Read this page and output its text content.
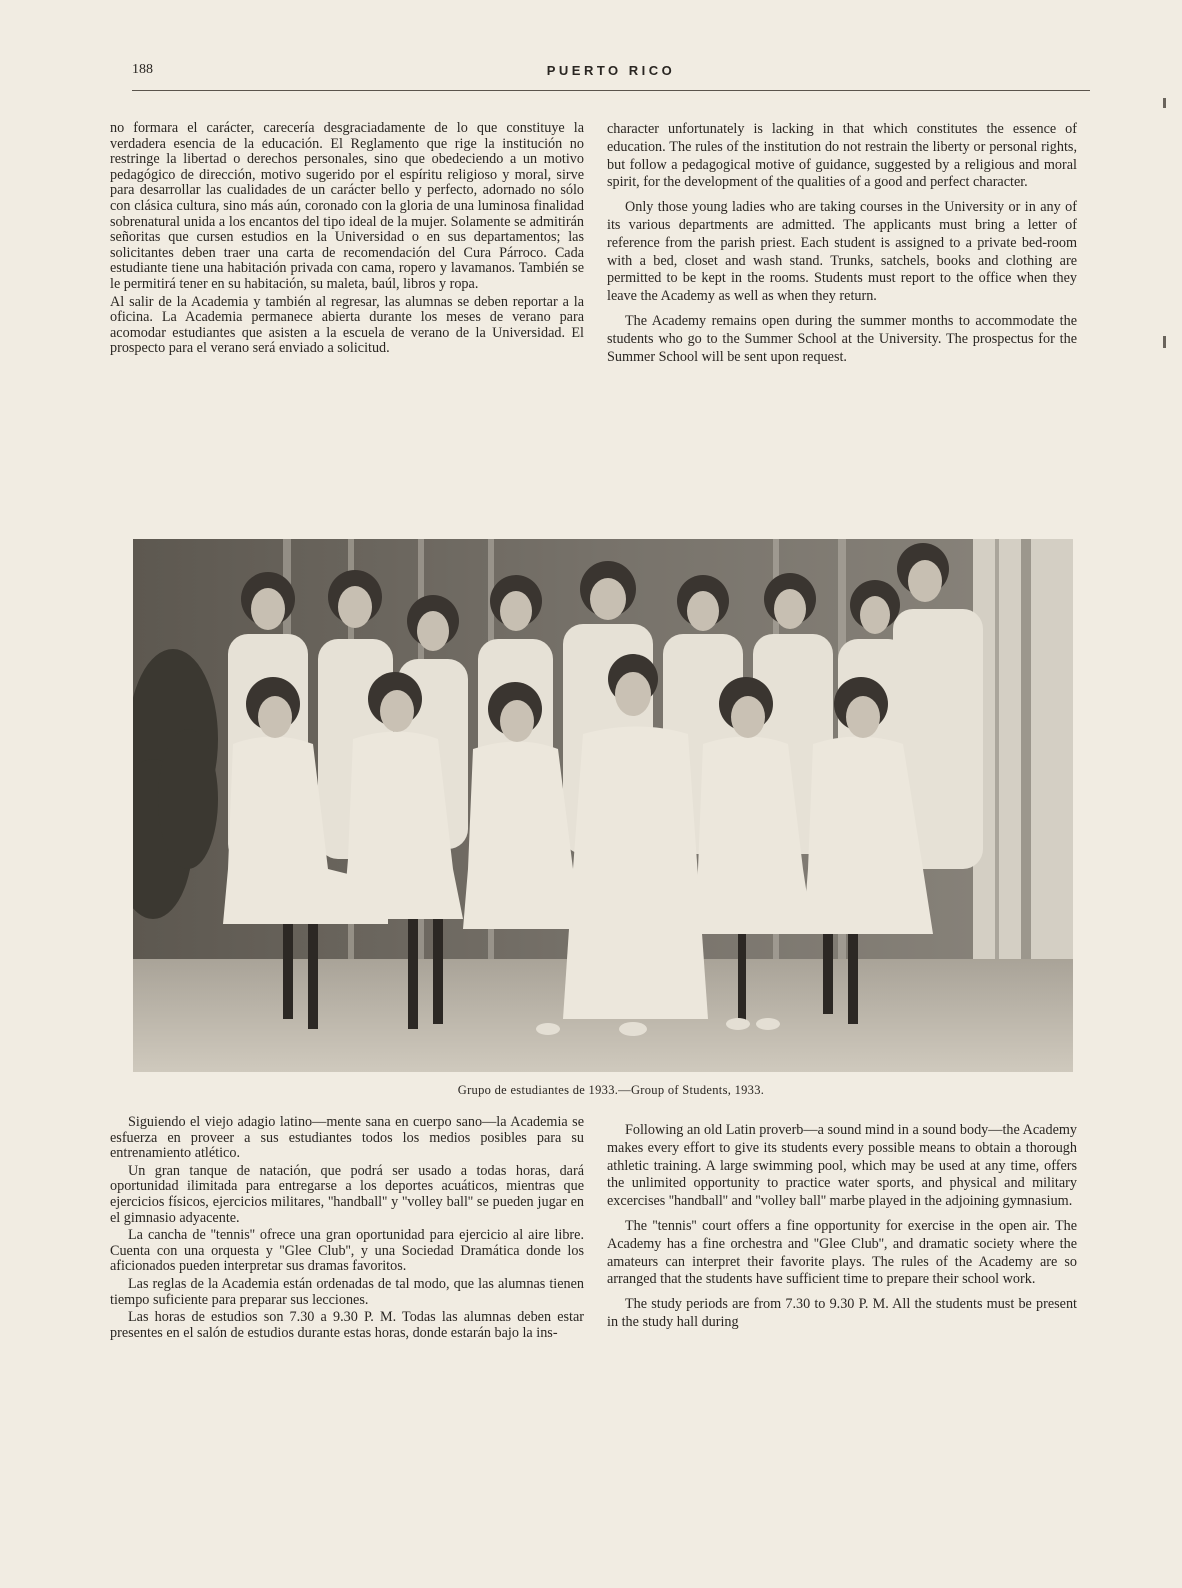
188	PUERTO RICO

no formara el carácter, carecería desgraciadamente de lo que constituye la verdadera esencia de la educación. El Reglamento que rige la institución no restringe la libertad o derechos personales, sino que obedeciendo a un motivo pedagógico de dirección, motivo sugerido por el espíritu religioso y moral, sirve para desarrollar las cualidades de un carácter bello y perfecto, adornado no sólo con clásica cultura, sino más aún, coronado con la gloria de una luminosa finalidad sobrenatural unida a los encantos del tipo ideal de la mujer. Solamente se admitirán señoritas que cursen estudios en la Universidad o en sus departamentos; las solicitantes deben traer una carta de recomendación del Cura Párroco. Cada estudiante tiene una habitación privada con cama, ropero y lavamanos. También se le permitirá tener en su habitación, su maleta, baúl, libros y ropa.

Al salir de la Academia y también al regresar, las alumnas se deben reportar a la oficina. La Academia permanece abierta durante los meses de verano para acomodar estudiantes que asisten a la escuela de verano de la Universidad. El prospecto para el verano será enviado a solicitud.

character unfortunately is lacking in that which constitutes the essence of education. The rules of the institution do not restrain the liberty or personal rights, but follow a pedagogical motive of guidance, suggested by a religious and moral spirit, for the development of the qualities of a good and perfect character.

Only those young ladies who are taking courses in the University or in any of its various departments are admitted. The applicants must bring a letter of reference from the parish priest. Each student is assigned to a private bed-room with a bed, closet and wash stand. Trunks, satchels, books and clothing are permitted to be kept in the rooms. Students must report to the office when they leave the Academy as well as when they return.

The Academy remains open during the summer months to accommodate the students who go to the Summer School at the University. The prospectus for the Summer School will be sent upon request.

Grupo de estudiantes de 1933.—Group of Students, 1933.

Siguiendo el viejo adagio latino—mente sana en cuerpo sano—la Academia se esfuerza en proveer a sus estudiantes todos los medios posibles para su entrenamiento atlético.

Un gran tanque de natación, que podrá ser usado a todas horas, dará oportunidad ilimitada para entregarse a los deportes acuáticos, mientras que ejercicios físicos, ejercicios militares, ''handball'' y ''volley ball'' se pueden jugar en el gimnasio adyacente.

La cancha de ''tennis'' ofrece una gran oportunidad para ejercicio al aire libre. Cuenta con una orquesta y ''Glee Club'', y una Sociedad Dramática donde los aficionados pueden interpretar sus dramas favoritos.

Las reglas de la Academia están ordenadas de tal modo, que las alumnas tienen tiempo suficiente para preparar sus lecciones.

Las horas de estudios son 7.30 a 9.30 P. M. Todas las alumnas deben estar presentes en el salón de estudios durante estas horas, donde estarán bajo la ins-

Following an old Latin proverb—a sound mind in a sound body—the Academy makes every effort to give its students every possible means to obtain a thorough athletic training. A large swimming pool, which may be used at any time, offers the unlimited opportunity to practice water sports, and physical and military excercises ''handball'' and ''volley ball'' marbe played in the adjoining gymnasium.

The ''tennis'' court offers a fine opportunity for exercise in the open air. The Academy has a fine orchestra and ''Glee Club'', and dramatic society where the amateurs can interpret their favorite plays. The rules of the Academy are so arranged that the students have sufficient time to prepare their school work.

The study periods are from 7.30 to 9.30 P. M. All the students must be present in the study hall during
